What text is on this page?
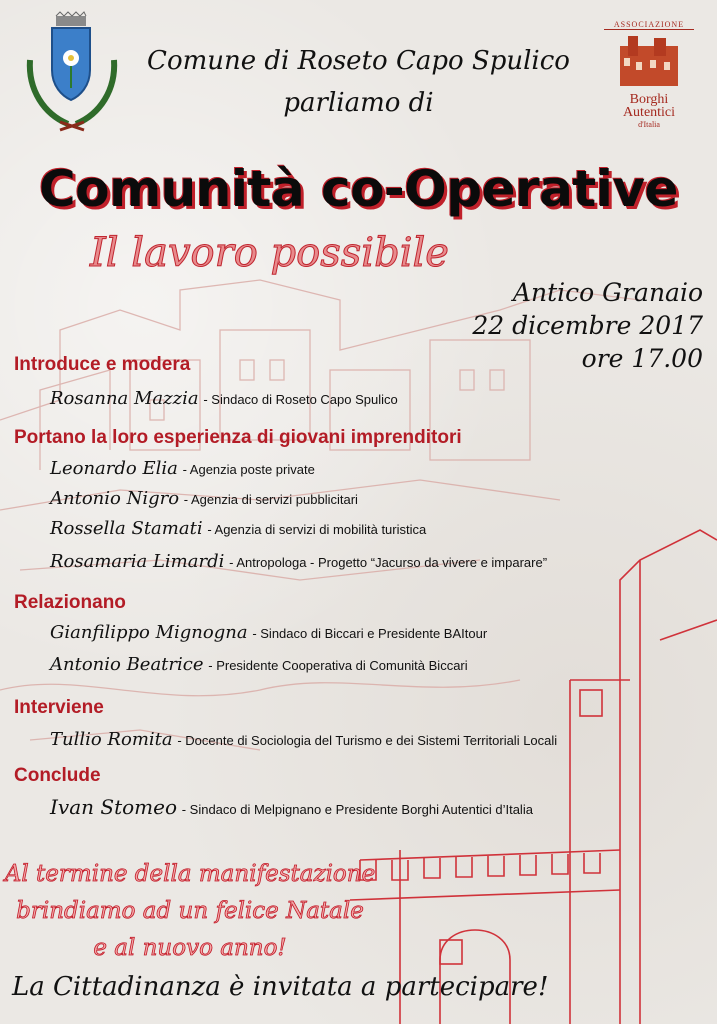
ASSOCIAZIONE
Borghi
Autentici
d'Italia
Comune di Roseto Capo Spulico
parliamo di
Comunità co-Operative
Il lavoro possibile
Antico Granaio
22 dicembre 2017
ore 17.00
Introduce e modera
Rosanna Mazzia - Sindaco di Roseto Capo Spulico
Portano la loro esperienza di giovani imprenditori
Leonardo Elia - Agenzia poste private
Antonio Nigro - Agenzia di servizi pubblicitari
Rossella Stamati - Agenzia di servizi di mobilità turistica
Rosamaria Limardi - Antropologa - Progetto “Jacurso da vivere e imparare”
Relazionano
Gianfilippo Mignogna - Sindaco di Biccari e Presidente BAItour
Antonio Beatrice - Presidente Cooperativa di Comunità Biccari
Interviene
Tullio Romita - Docente di Sociologia del Turismo e dei Sistemi Territoriali Locali
Conclude
Ivan Stomeo - Sindaco di Melpignano e Presidente Borghi Autentici d’Italia
Al termine della manifestazione
brindiamo ad un felice Natale
e al nuovo anno!
La Cittadinanza è invitata a partecipare!
